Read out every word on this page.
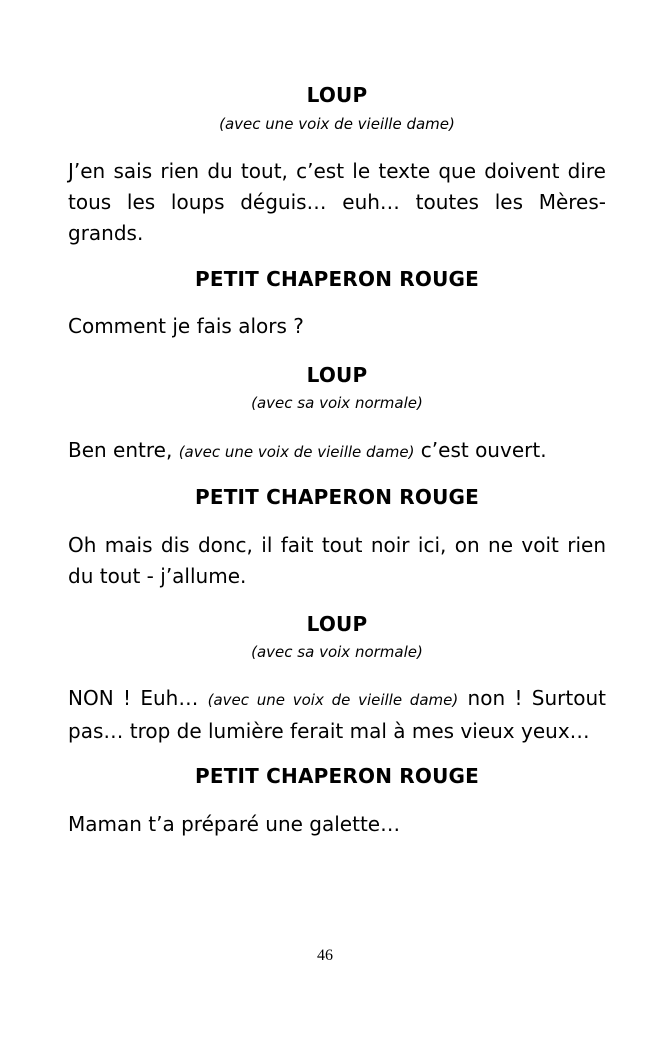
LOUP
(avec une voix de vieille dame)
J’en sais rien du tout, c’est le texte que doivent dire tous les loups déguis… euh… toutes les Mères-grands.
PETIT CHAPERON ROUGE
Comment je fais alors ?
LOUP
(avec sa voix normale)
Ben entre, (avec une voix de vieille dame) c’est ouvert.
PETIT CHAPERON ROUGE
Oh mais dis donc, il fait tout noir ici, on ne voit rien du tout - j’allume.
LOUP
(avec sa voix normale)
NON ! Euh… (avec une voix de vieille dame) non ! Surtout pas… trop de lumière ferait mal à mes vieux yeux…
PETIT CHAPERON ROUGE
Maman t’a préparé une galette…
46
